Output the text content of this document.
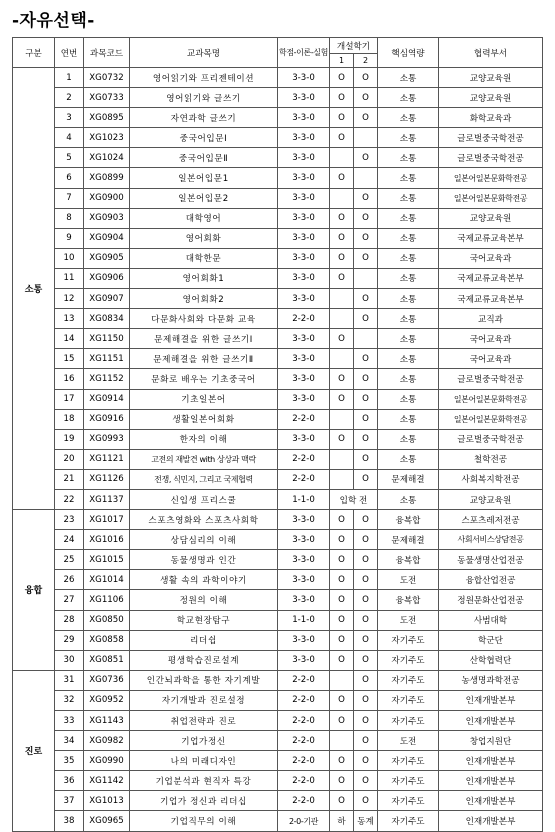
-자유선택-
구분	연번	과목코드	교과목명	학점-이론-실험	개설학기		핵심역량	협력부서
					1	2		
소통	1	XG0732	영어읽기와 프리젠테이션	3-3-0	O	O	소통	교양교육원
	2	XG0733	영어읽기와 글쓰기	3-3-0	O	O	소통	교양교육원
	3	XG0895	자연과학 글쓰기	3-3-0	O	O	소통	화학교육과
	4	XG1023	중국어입문Ⅰ	3-3-0	O		소통	글로벌중국학전공
	5	XG1024	중국어입문Ⅱ	3-3-0		O	소통	글로벌중국학전공
	6	XG0899	일본어입문1	3-3-0	O		소통	일본어일본문화학전공
	7	XG0900	일본어입문2	3-3-0		O	소통	일본어일본문화학전공
	8	XG0903	대학영어	3-3-0	O	O	소통	교양교육원
	9	XG0904	영어회화	3-3-0	O	O	소통	국제교류교육본부
	10	XG0905	대학한문	3-3-0	O	O	소통	국어교육과
	11	XG0906	영어회화1	3-3-0	O		소통	국제교류교육본부
	12	XG0907	영어회화2	3-3-0		O	소통	국제교류교육본부
	13	XG0834	다문화사회와 다문화 교육	2-2-0		O	소통	교직과
	14	XG1150	문제해결을 위한 글쓰기Ⅰ	3-3-0	O		소통	국어교육과
	15	XG1151	문제해결을 위한 글쓰기Ⅱ	3-3-0		O	소통	국어교육과
	16	XG1152	문화로 배우는 기초중국어	3-3-0	O	O	소통	글로벌중국학전공
	17	XG0914	기초일본어	3-3-0	O	O	소통	일본어일본문화학전공
	18	XG0916	생활일본어회화	2-2-0		O	소통	일본어일본문화학전공
	19	XG0993	한자의 이해	3-3-0	O	O	소통	글로벌중국학전공
	20	XG1121	고전의 재발견 with 상상과 맥락	2-2-0		O	소통	철학전공
	21	XG1126	전쟁, 식민지, 그리고 국제협력	2-2-0		O	문제해결	사회복지학전공
	22	XG1137	신입생 프리스쿨	1-1-0	입학 전		소통	교양교육원
융합	23	XG1017	스포츠영화와 스포츠사회학	3-3-0	O	O	융복합	스포츠레저전공
	24	XG1016	상담심리의 이해	3-3-0	O	O	문제해결	사회서비스상담전공
	25	XG1015	동물생명과 인간	3-3-0	O	O	융복합	동물생명산업전공
	26	XG1014	생활 속의 과학이야기	3-3-0	O	O	도전	융합산업전공
	27	XG1106	정원의 이해	3-3-0	O	O	융복합	정원문화산업전공
	28	XG0850	학교현장탐구	1-1-0	O	O	도전	사범대학
	29	XG0858	리더쉽	3-3-0	O	O	자기주도	학군단
	30	XG0851	평생학습진로설계	3-3-0	O	O	자기주도	산학협력단
진로	31	XG0736	인간뇌과학을 통한 자기계발	2-2-0		O	자기주도	농생명과학전공
	32	XG0952	자기개발과 진로설정	2-2-0	O	O	자기주도	인재개발본부
	33	XG1143	취업전략과 진로	2-2-0	O	O	자기주도	인재개발본부
	34	XG0982	기업가정신	2-2-0		O	도전	창업지원단
	35	XG0990	나의 미래디자인	2-2-0	O	O	자기주도	인재개발본부
	36	XG1142	기업분석과 현직자 특강	2-2-0	O	O	자기주도	인재개발본부
	37	XG1013	기업가 정신과 리더십	2-2-0	O	O	자기주도	인재개발본부
	38	XG0965	기업직무의 이해	2-0-기관	하	동계	자기주도	인재개발본부
